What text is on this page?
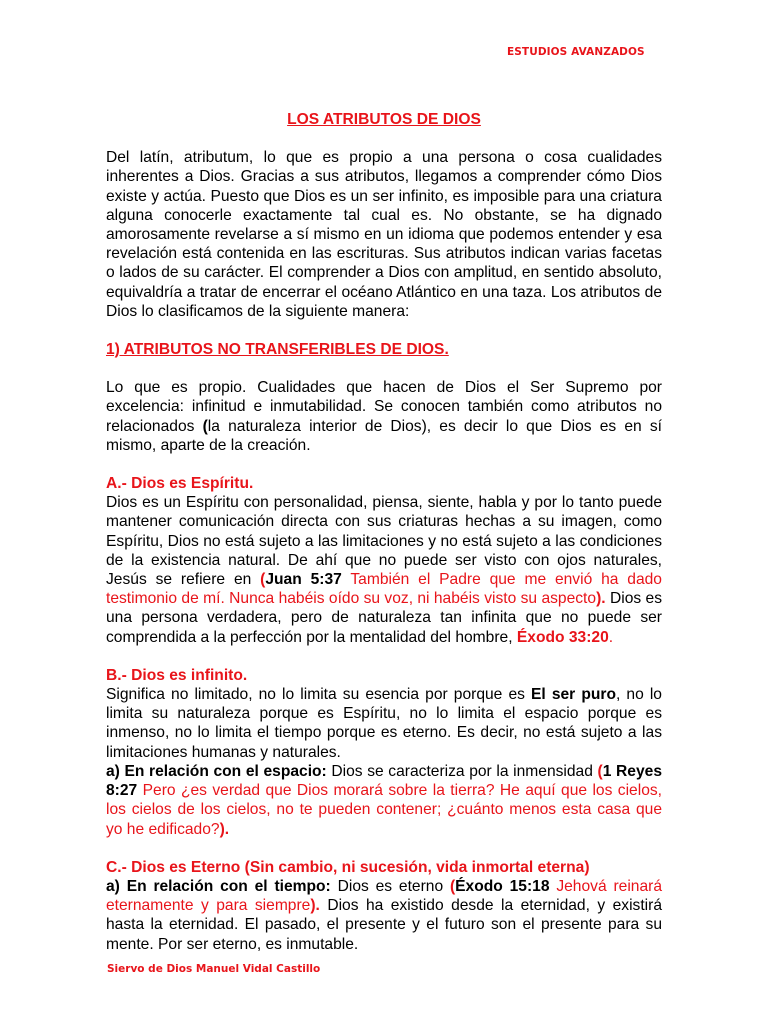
ESTUDIOS AVANZADOS
LOS ATRIBUTOS DE DIOS

Del latín, atributum, lo que es propio a una persona o cosa cualidades inherentes a Dios. Gracias a sus atributos, llegamos a comprender cómo Dios existe y actúa. Puesto que Dios es un ser infinito, es imposible para una criatura alguna conocerle exactamente tal cual es. No obstante, se ha dignado amorosamente revelarse a sí mismo en un idioma que podemos entender y esa revelación está contenida en las escrituras. Sus atributos indican varias facetas o lados de su carácter. El comprender a Dios con amplitud, en sentido absoluto, equivaldría a tratar de encerrar el océano Atlántico en una taza. Los atributos de Dios lo clasificamos de la siguiente manera:

1) ATRIBUTOS NO TRANSFERIBLES DE DIOS.

Lo que es propio. Cualidades que hacen de Dios el Ser Supremo por excelencia: infinitud e inmutabilidad. Se conocen también como atributos no relacionados (la naturaleza interior de Dios), es decir lo que Dios es en sí mismo, aparte de la creación.

A.- Dios es Espíritu.

Dios es un Espíritu con personalidad, piensa, siente, habla y por lo tanto puede mantener comunicación directa con sus criaturas hechas a su imagen, como Espíritu, Dios no está sujeto a las limitaciones y no está sujeto a las condiciones de la existencia natural. De ahí que no puede ser visto con ojos naturales, Jesús se refiere en (Juan 5:37 También el Padre que me envió ha dado testimonio de mí. Nunca habéis oído su voz, ni habéis visto su aspecto). Dios es una persona verdadera, pero de naturaleza tan infinita que no puede ser comprendida a la perfección por la mentalidad del hombre, Éxodo 33:20.

B.- Dios es infinito.

Significa no limitado, no lo limita su esencia por porque es El ser puro, no lo limita su naturaleza porque es Espíritu, no lo limita el espacio porque es inmenso, no lo limita el tiempo porque es eterno. Es decir, no está sujeto a las limitaciones humanas y naturales.

a) En relación con el espacio: Dios se caracteriza por la inmensidad (1 Reyes 8:27 Pero ¿es verdad que Dios morará sobre la tierra? He aquí que los cielos, los cielos de los cielos, no te pueden contener; ¿cuánto menos esta casa que yo he edificado?).

C.- Dios es Eterno (Sin cambio, ni sucesión, vida inmortal eterna)

a) En relación con el tiempo: Dios es eterno (Éxodo 15:18 Jehová reinará eternamente y para siempre). Dios ha existido desde la eternidad, y existirá hasta la eternidad. El pasado, el presente y el futuro son el presente para su mente. Por ser eterno, es inmutable.

Siervo de Dios Manuel Vidal Castillo
